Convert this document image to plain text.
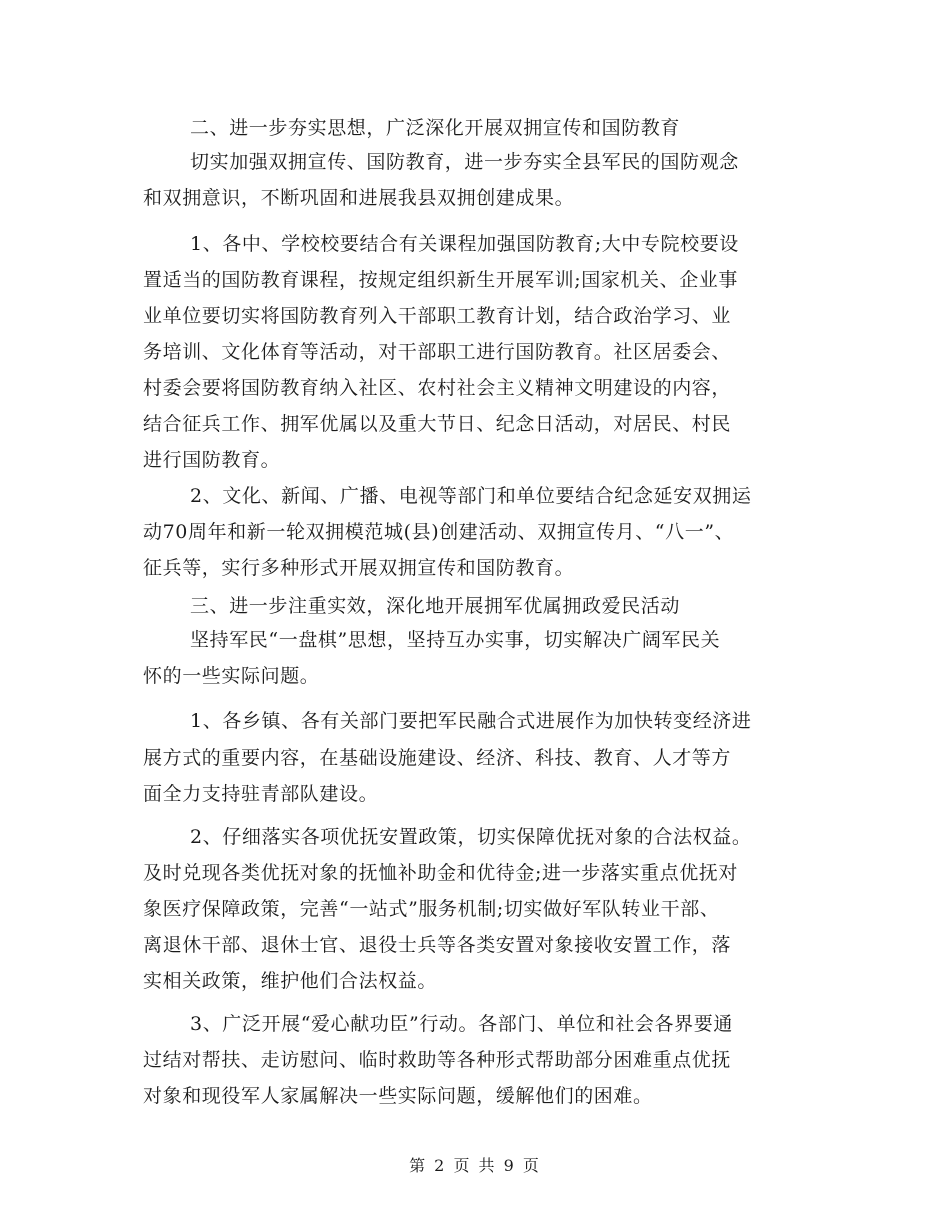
二、进一步夯实思想，广泛深化开展双拥宣传和国防教育
切实加强双拥宣传、国防教育，进一步夯实全县军民的国防观念
和双拥意识，不断巩固和进展我县双拥创建成果。
1、各中、学校校要结合有关课程加强国防教育;大中专院校要设
置适当的国防教育课程，按规定组织新生开展军训;国家机关、企业事
业单位要切实将国防教育列入干部职工教育计划，结合政治学习、业
务培训、文化体育等活动，对干部职工进行国防教育。社区居委会、
村委会要将国防教育纳入社区、农村社会主义精神文明建设的内容，
结合征兵工作、拥军优属以及重大节日、纪念日活动，对居民、村民
进行国防教育。
2、文化、新闻、广播、电视等部门和单位要结合纪念延安双拥运
动70周年和新一轮双拥模范城(县)创建活动、双拥宣传月、“八一”、
征兵等，实行多种形式开展双拥宣传和国防教育。
三、进一步注重实效，深化地开展拥军优属拥政爱民活动
坚持军民“一盘棋”思想，坚持互办实事，切实解决广阔军民关
怀的一些实际问题。
1、各乡镇、各有关部门要把军民融合式进展作为加快转变经济进
展方式的重要内容，在基础设施建设、经济、科技、教育、人才等方
面全力支持驻青部队建设。
2、仔细落实各项优抚安置政策，切实保障优抚对象的合法权益。
及时兑现各类优抚对象的抚恤补助金和优待金;进一步落实重点优抚对
象医疗保障政策，完善“一站式”服务机制;切实做好军队转业干部、
离退休干部、退休士官、退役士兵等各类安置对象接收安置工作，落
实相关政策，维护他们合法权益。
3、广泛开展“爱心献功臣”行动。各部门、单位和社会各界要通
过结对帮扶、走访慰问、临时救助等各种形式帮助部分困难重点优抚
对象和现役军人家属解决一些实际问题，缓解他们的困难。
第 2 页 共 9 页
